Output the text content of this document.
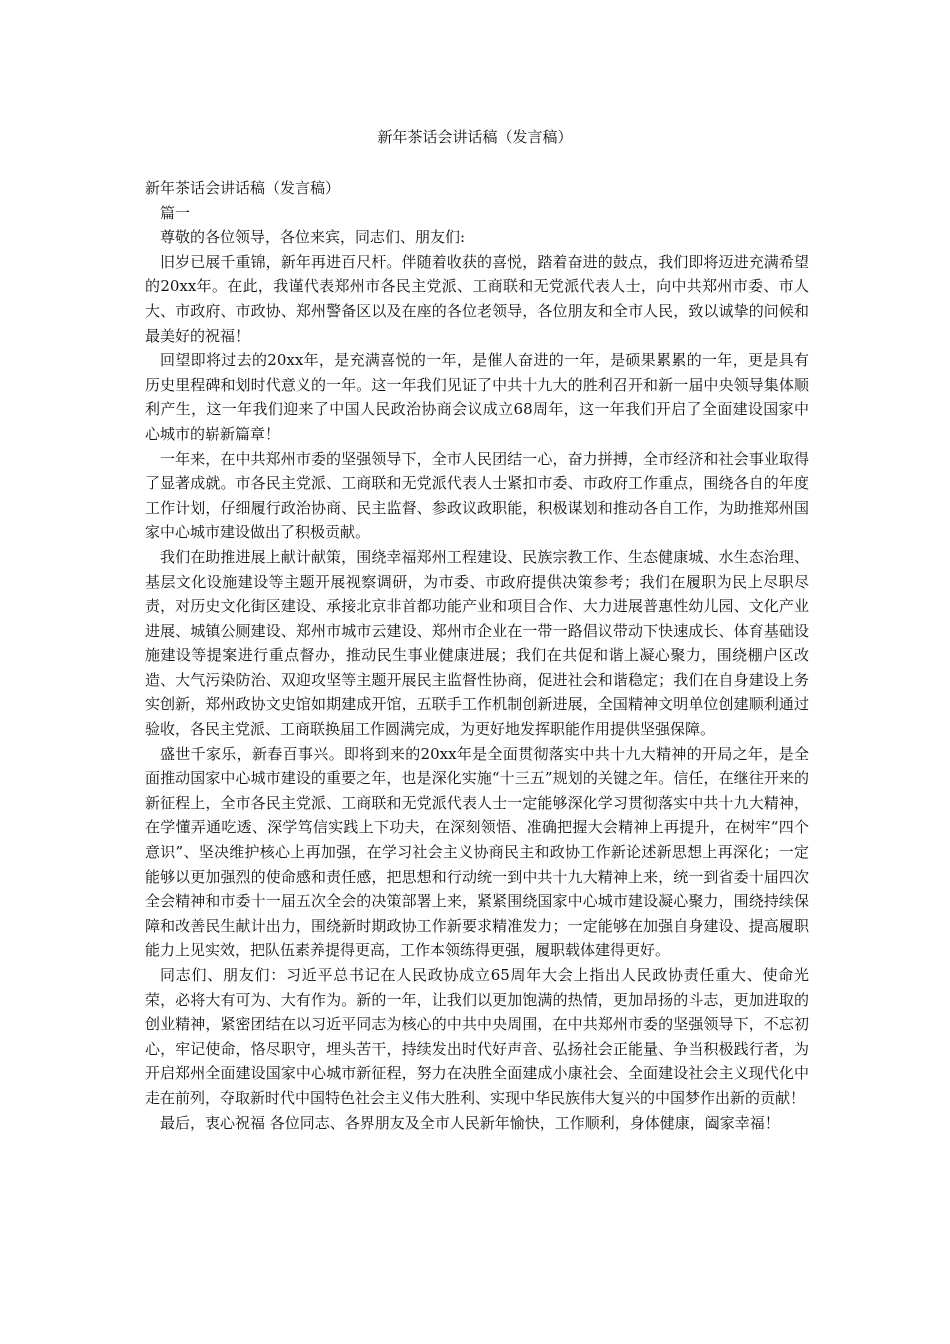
新年茶话会讲话稿（发言稿）

新年茶话会讲话稿（发言稿）

篇一

尊敬的各位领导，各位来宾，同志们、朋友们:

旧岁已展千重锦，新年再进百尺杆。伴随着收获的喜悦，踏着奋进的鼓点，我们即将迈进充满希望的20xx年。在此，我谨代表郑州市各民主党派、工商联和无党派代表人士，向中共郑州市委、市人大、市政府、市政协、郑州警备区以及在座的各位老领导，各位朋友和全市人民，致以诚挚的问候和最美好的祝福！

回望即将过去的20xx年，是充满喜悦的一年，是催人奋进的一年，是硕果累累的一年，更是具有历史里程碑和划时代意义的一年。这一年我们见证了中共十九大的胜利召开和新一届中央领导集体顺利产生，这一年我们迎来了中国人民政治协商会议成立68周年，这一年我们开启了全面建设国家中心城市的崭新篇章！

一年来，在中共郑州市委的坚强领导下，全市人民团结一心，奋力拼搏，全市经济和社会事业取得了显著成就。市各民主党派、工商联和无党派代表人士紧扣市委、市政府工作重点，围绕各自的年度工作计划，仔细履行政治协商、民主监督、参政议政职能，积极谋划和推动各自工作，为助推郑州国家中心城市建设做出了积极贡献。

我们在助推进展上献计献策，围绕幸福郑州工程建设、民族宗教工作、生态健康城、水生态治理、基层文化设施建设等主题开展视察调研，为市委、市政府提供决策参考；我们在履职为民上尽职尽责，对历史文化街区建设、承接北京非首都功能产业和项目合作、大力进展普惠性幼儿园、文化产业进展、城镇公厕建设、郑州市城市云建设、郑州市企业在一带一路倡议带动下快速成长、体育基础设施建设等提案进行重点督办，推动民生事业健康进展；我们在共促和谐上凝心聚力，围绕棚户区改造、大气污染防治、双迎攻坚等主题开展民主监督性协商，促进社会和谐稳定；我们在自身建设上务实创新，郑州政协文史馆如期建成开馆，五联手工作机制创新进展，全国精神文明单位创建顺利通过验收，各民主党派、工商联换届工作圆满完成，为更好地发挥职能作用提供坚强保障。

盛世千家乐，新春百事兴。即将到来的20xx年是全面贯彻落实中共十九大精神的开局之年，是全面推动国家中心城市建设的重要之年，也是深化实施“十三五”规划的关键之年。信任，在继往开来的新征程上，全市各民主党派、工商联和无党派代表人士一定能够深化学习贯彻落实中共十九大精神，在学懂弄通吃透、深学笃信实践上下功夫，在深刻领悟、准确把握大会精神上再提升，在树牢“四个意识”、坚决维护核心上再加强，在学习社会主义协商民主和政协工作新论述新思想上再深化；一定能够以更加强烈的使命感和责任感，把思想和行动统一到中共十九大精神上来，统一到省委十届四次全会精神和市委十一届五次全会的决策部署上来，紧紧围绕国家中心城市建设凝心聚力，围绕持续保障和改善民生献计出力，围绕新时期政协工作新要求精准发力；一定能够在加强自身建设、提高履职能力上见实效，把队伍素养提得更高，工作本领练得更强，履职载体建得更好。

同志们、朋友们：习近平总书记在人民政协成立65周年大会上指出人民政协责任重大、使命光荣，必将大有可为、大有作为。新的一年，让我们以更加饱满的热情，更加昂扬的斗志，更加进取的创业精神，紧密团结在以习近平同志为核心的中共中央周围，在中共郑州市委的坚强领导下，不忘初心，牢记使命，恪尽职守，埋头苦干，持续发出时代好声音、弘扬社会正能量、争当积极践行者，为开启郑州全面建设国家中心城市新征程，努力在决胜全面建成小康社会、全面建设社会主义现代化中走在前列，夺取新时代中国特色社会主义伟大胜利、实现中华民族伟大复兴的中国梦作出新的贡献！

最后，衷心祝福 各位同志、各界朋友及全市人民新年愉快，工作顺利，身体健康，阖家幸福！
